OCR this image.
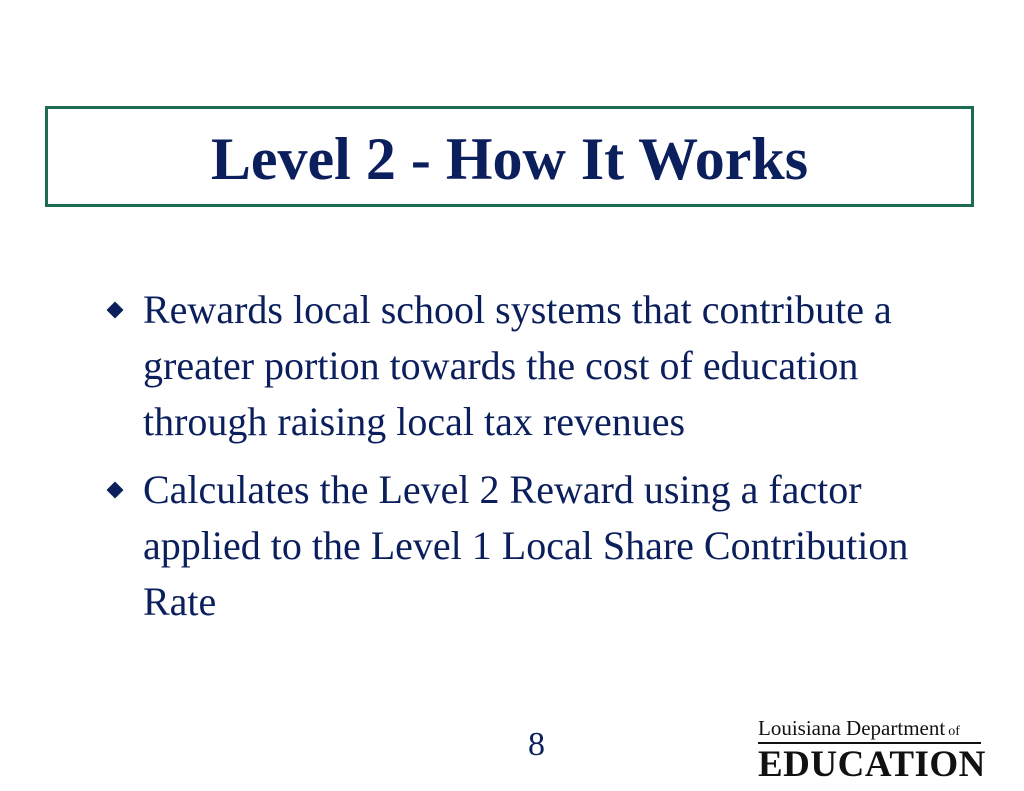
Level 2 - How It Works
Rewards local school systems that contribute a greater portion towards the cost of education through raising local tax revenues
Calculates the Level 2 Reward using a factor applied to the Level 1 Local Share Contribution Rate
8	Louisiana Department of
EDUCATION
